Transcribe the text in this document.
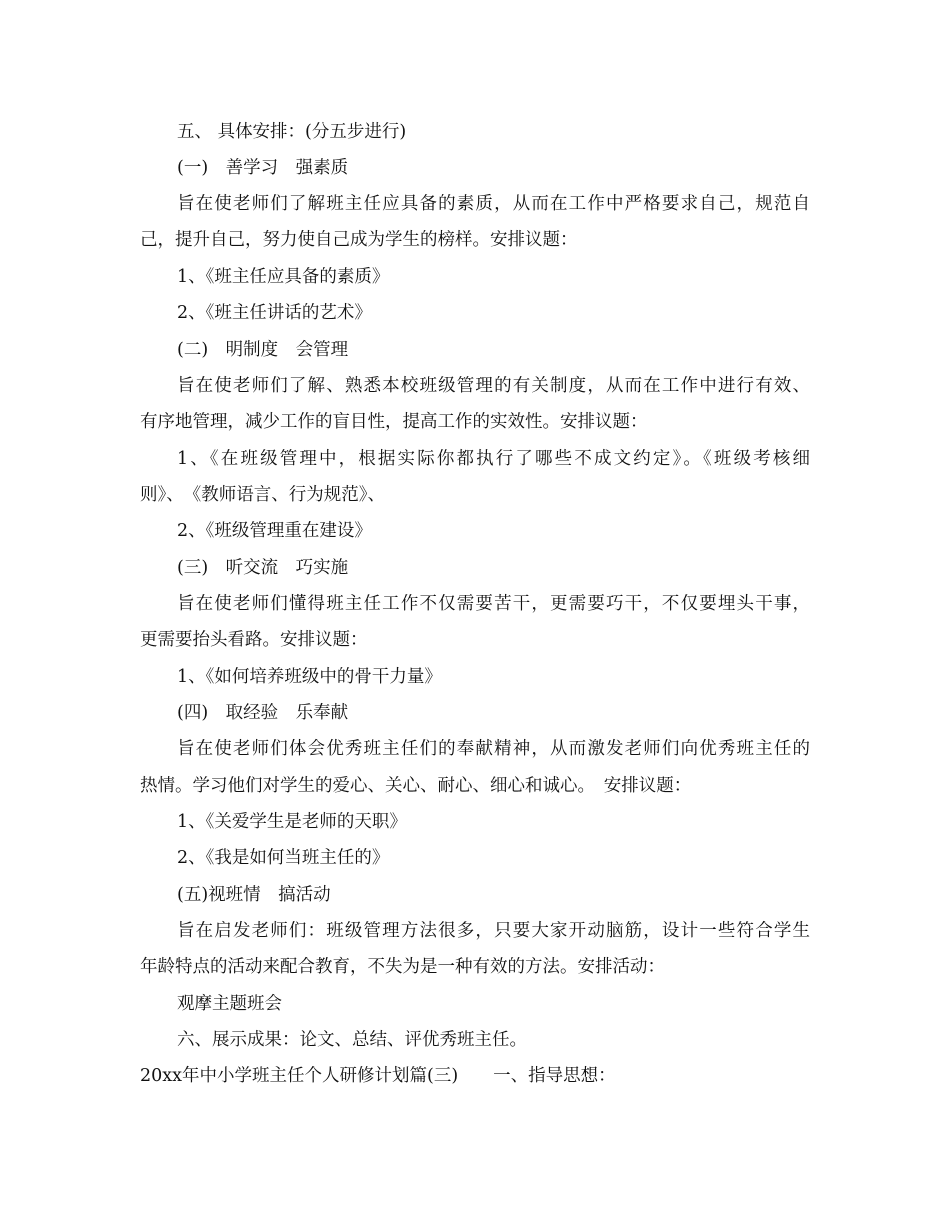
五、 具体安排：(分五步进行)
(一)　善学习　强素质
旨在使老师们了解班主任应具备的素质，从而在工作中严格要求自己，规范自
己，提升自己，努力使自己成为学生的榜样。安排议题：
1、《班主任应具备的素质》
2、《班主任讲话的艺术》
(二)　明制度　会管理
旨在使老师们了解、熟悉本校班级管理的有关制度，从而在工作中进行有效、
有序地管理，减少工作的盲目性，提高工作的实效性。安排议题：
1、《在班级管理中，根据实际你都执行了哪些不成文约定》。《班级考核细
则》、　《教师语言、行为规范》、
2、《班级管理重在建设》
(三)　听交流　巧实施
旨在使老师们懂得班主任工作不仅需要苦干，更需要巧干，不仅要埋头干事，
更需要抬头看路。安排议题：
1、《如何培养班级中的骨干力量》
(四)　取经验　乐奉献
旨在使老师们体会优秀班主任们的奉献精神，从而激发老师们向优秀班主任的
热情。学习他们对学生的爱心、关心、耐心、细心和诚心。　安排议题：
1、《关爱学生是老师的天职》
2、《我是如何当班主任的》
(五)视班情　搞活动
旨在启发老师们：班级管理方法很多，只要大家开动脑筋，设计一些符合学生
年龄特点的活动来配合教育，不失为是一种有效的方法。安排活动：
观摩主题班会
六、展示成果：论文、总结、评优秀班主任。
20xx年中小学班主任个人研修计划篇(三)　　一、指导思想：
